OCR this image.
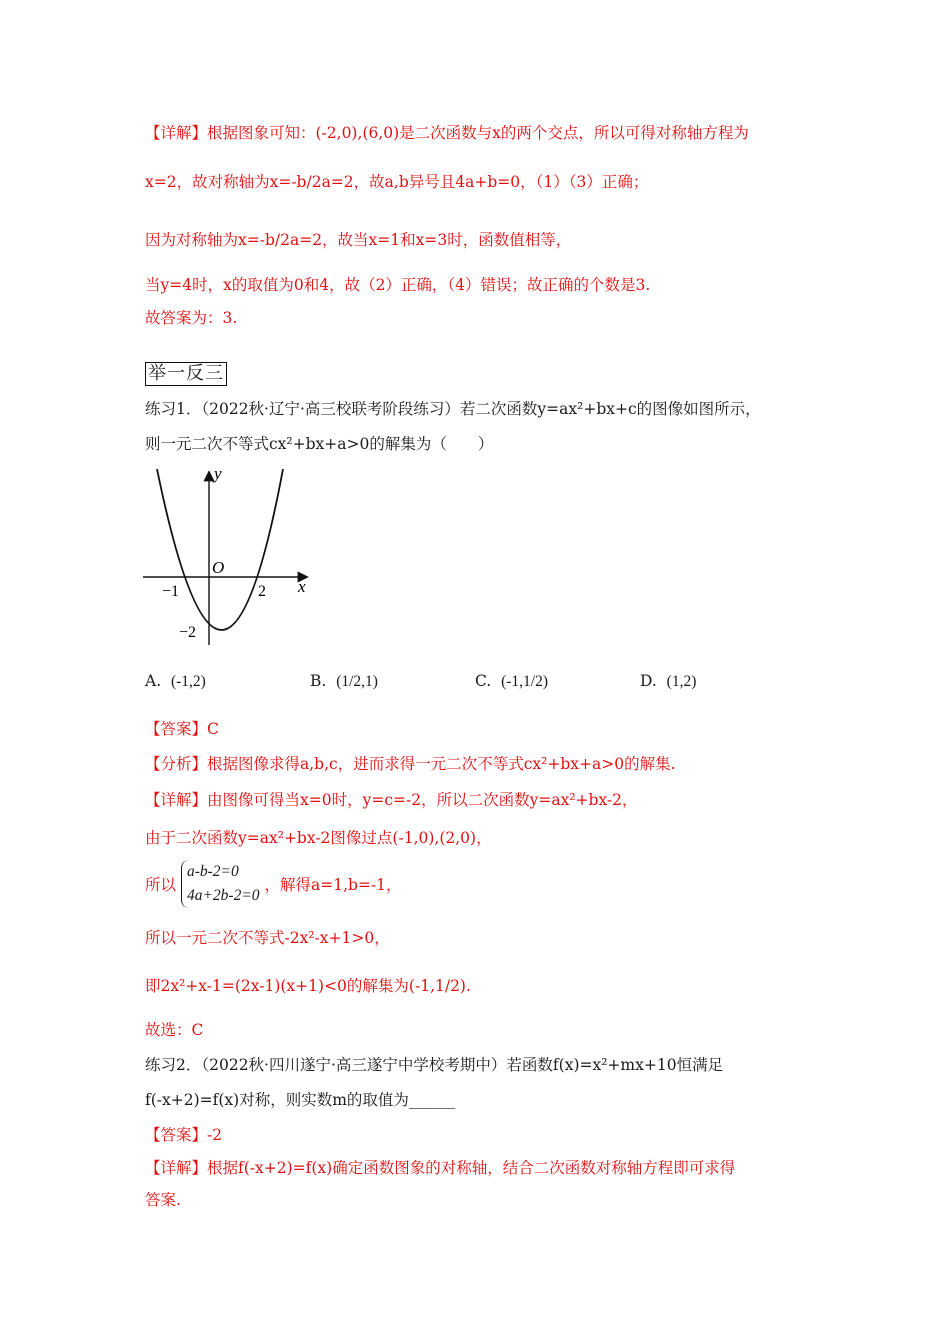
【详解】根据图象可知：(-2,0),(6,0)是二次函数与x的两个交点，所以可得对称轴方程为
x=2，故对称轴为x=-b/2a=2，故a,b异号且4a+b=0，（1）（3）正确；
因为对称轴为x=-b/2a=2，故当x=1和x=3时，函数值相等，
当y=4时，x的取值为0和4，故（2）正确，（4）错误；故正确的个数是3.
故答案为：3.
举一反三
练习1．（2022秋·辽宁·高三校联考阶段练习）若二次函数y=ax²+bx+c的图像如图所示，
则一元二次不等式cx²+bx+a>0的解集为（　　）
y
x
O
−1	2
−2
A. (-1,2)	B. (1/2,1)	C. (-1,1/2)	D. (1,2)
【答案】C
【分析】根据图像求得a,b,c，进而求得一元二次不等式cx²+bx+a>0的解集.
【详解】由图像可得当x=0时，y=c=-2，所以二次函数y=ax²+bx-2，
由于二次函数y=ax²+bx-2图像过点(-1,0),(2,0)，
所以
a-b-2=0
4a+2b-2=0
，解得a=1,b=-1，
所以一元二次不等式-2x²-x+1>0，
即2x²+x-1=(2x-1)(x+1)<0的解集为(-1,1/2).
故选：C
练习2．（2022秋·四川遂宁·高三遂宁中学校考期中）若函数f(x)=x²+mx+10恒满足
f(-x+2)=f(x)对称，则实数m的取值为______
【答案】-2
【详解】根据f(-x+2)=f(x)确定函数图象的对称轴，结合二次函数对称轴方程即可求得
答案.
